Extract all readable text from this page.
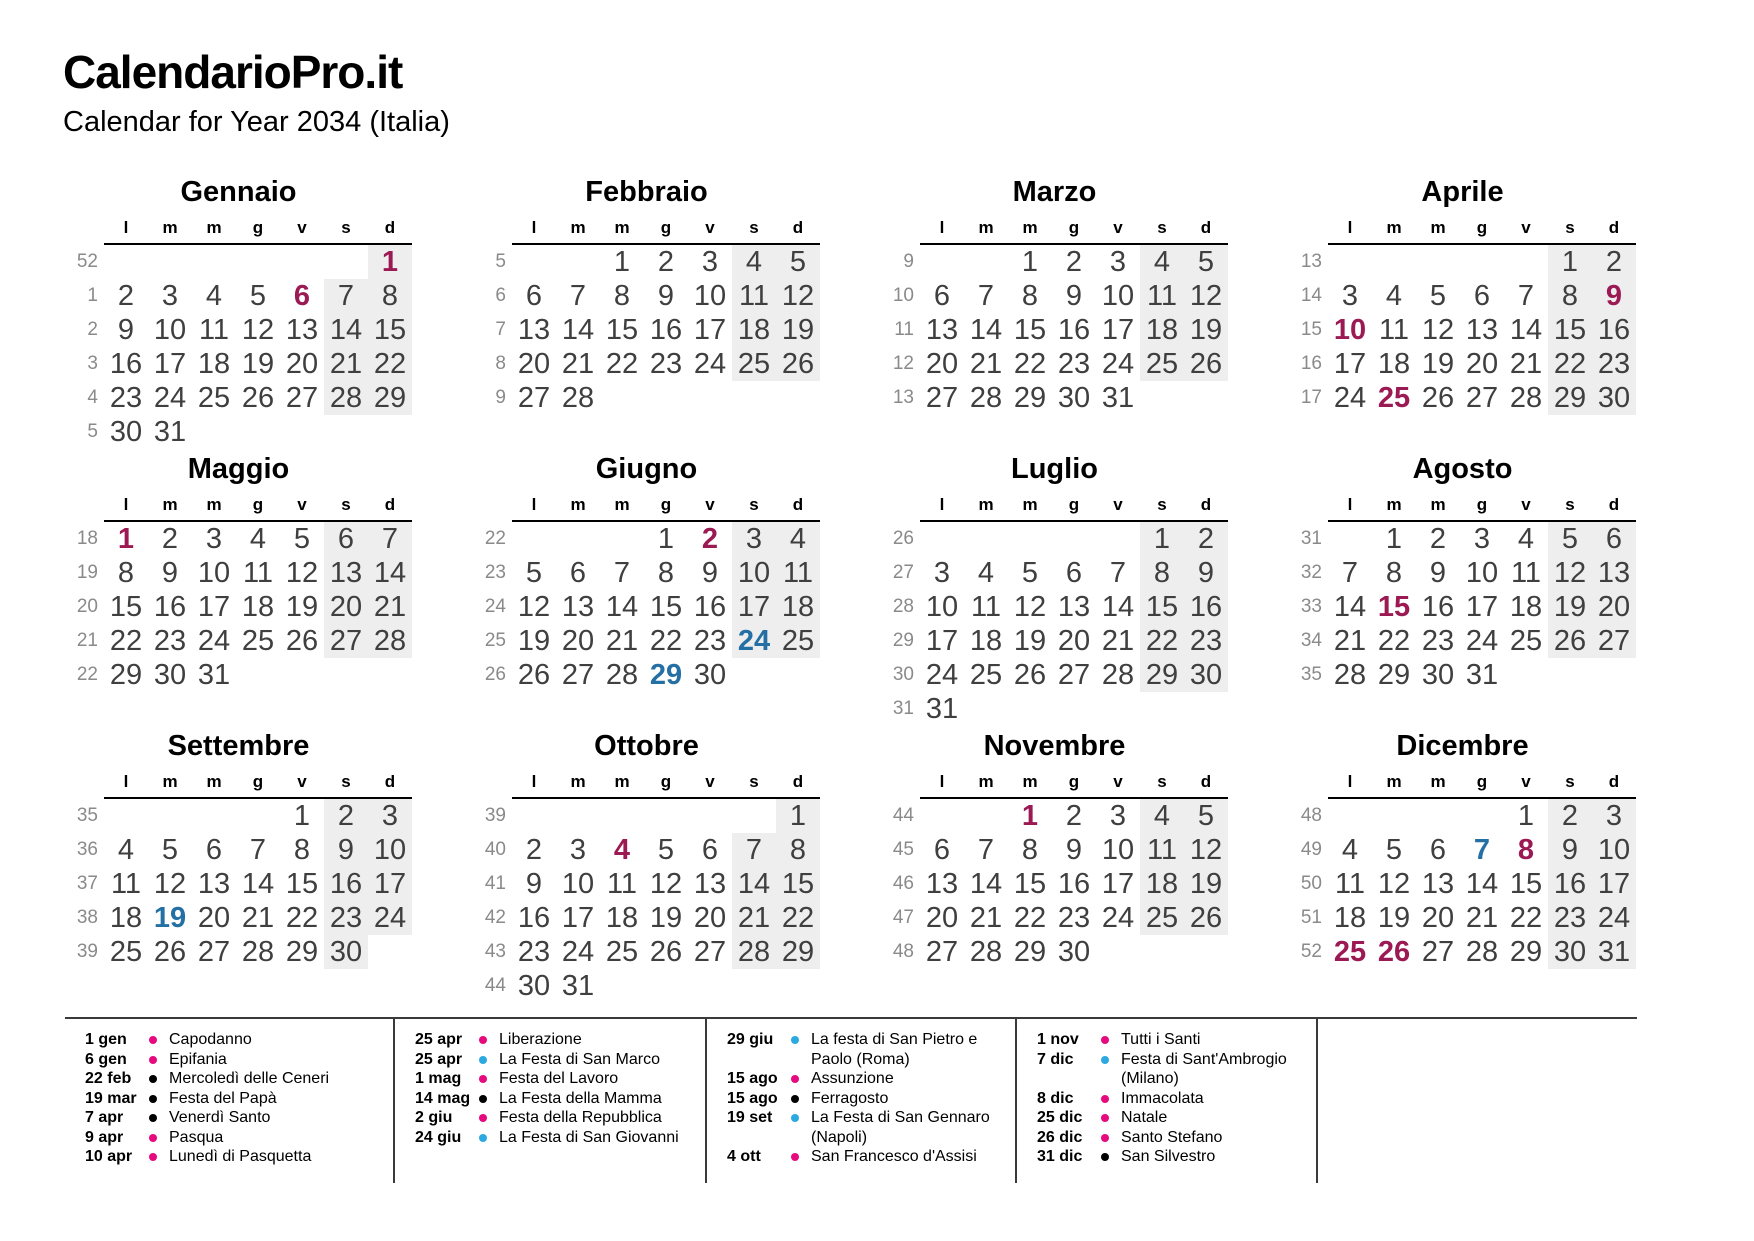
CalendarioPro.it
Calendar for Year 2034 (Italia)
Gennaio
	l	m	m	g	v	s	d
52							1
1	2	3	4	5	6	7	8
2	9	10	11	12	13	14	15
3	16	17	18	19	20	21	22
4	23	24	25	26	27	28	29
5	30	31					
Febbraio
	l	m	m	g	v	s	d
5			1	2	3	4	5
6	6	7	8	9	10	11	12
7	13	14	15	16	17	18	19
8	20	21	22	23	24	25	26
9	27	28					
Marzo
	l	m	m	g	v	s	d
9			1	2	3	4	5
10	6	7	8	9	10	11	12
11	13	14	15	16	17	18	19
12	20	21	22	23	24	25	26
13	27	28	29	30	31		
Aprile
	l	m	m	g	v	s	d
13						1	2
14	3	4	5	6	7	8	9
15	10	11	12	13	14	15	16
16	17	18	19	20	21	22	23
17	24	25	26	27	28	29	30
Maggio
	l	m	m	g	v	s	d
18	1	2	3	4	5	6	7
19	8	9	10	11	12	13	14
20	15	16	17	18	19	20	21
21	22	23	24	25	26	27	28
22	29	30	31				
Giugno
	l	m	m	g	v	s	d
22				1	2	3	4
23	5	6	7	8	9	10	11
24	12	13	14	15	16	17	18
25	19	20	21	22	23	24	25
26	26	27	28	29	30		
Luglio
	l	m	m	g	v	s	d
26						1	2
27	3	4	5	6	7	8	9
28	10	11	12	13	14	15	16
29	17	18	19	20	21	22	23
30	24	25	26	27	28	29	30
31	31						
Agosto
	l	m	m	g	v	s	d
31		1	2	3	4	5	6
32	7	8	9	10	11	12	13
33	14	15	16	17	18	19	20
34	21	22	23	24	25	26	27
35	28	29	30	31			
Settembre
	l	m	m	g	v	s	d
35					1	2	3
36	4	5	6	7	8	9	10
37	11	12	13	14	15	16	17
38	18	19	20	21	22	23	24
39	25	26	27	28	29	30	
Ottobre
	l	m	m	g	v	s	d
39							1
40	2	3	4	5	6	7	8
41	9	10	11	12	13	14	15
42	16	17	18	19	20	21	22
43	23	24	25	26	27	28	29
44	30	31					
Novembre
	l	m	m	g	v	s	d
44			1	2	3	4	5
45	6	7	8	9	10	11	12
46	13	14	15	16	17	18	19
47	20	21	22	23	24	25	26
48	27	28	29	30			
Dicembre
	l	m	m	g	v	s	d
48					1	2	3
49	4	5	6	7	8	9	10
50	11	12	13	14	15	16	17
51	18	19	20	21	22	23	24
52	25	26	27	28	29	30	31
1 gen	Capodanno
6 gen	Epifania
22 feb	Mercoledì delle Ceneri
19 mar	Festa del Papà
7 apr	Venerdì Santo
9 apr	Pasqua
10 apr	Lunedì di Pasquetta
25 apr	Liberazione
25 apr	La Festa di San Marco
1 mag	Festa del Lavoro
14 mag	La Festa della Mamma
2 giu	Festa della Repubblica
24 giu	La Festa di San Giovanni
29 giu	La festa di San Pietro e Paolo (Roma)
15 ago	Assunzione
15 ago	Ferragosto
19 set	La Festa di San Gennaro (Napoli)
4 ott	San Francesco d'Assisi
1 nov	Tutti i Santi
7 dic	Festa di Sant'Ambrogio (Milano)
8 dic	Immacolata
25 dic	Natale
26 dic	Santo Stefano
31 dic	San Silvestro
